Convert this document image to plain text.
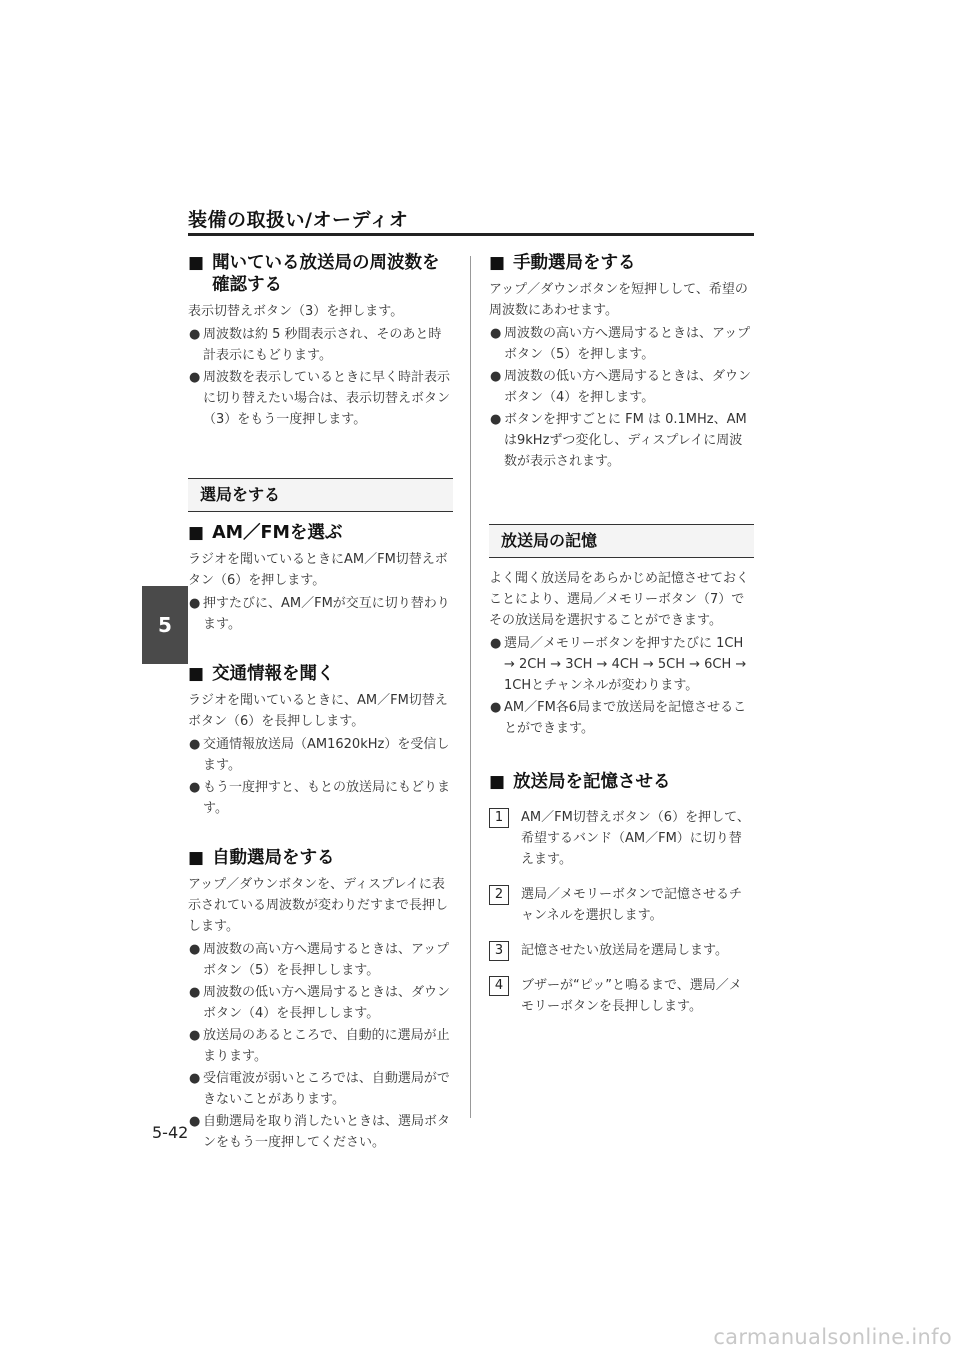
装備の取扱い/オーディオ
5
■ 聞いている放送局の周波数を確認する
表示切替えボタン（3）を押します。
● 周波数は約 5 秒間表示され、そのあと時計表示にもどります。
● 周波数を表示しているときに早く時計表示に切り替えたい場合は、表示切替えボタン（3）をもう一度押します。
選局をする
■ AM／FMを選ぶ
ラジオを聞いているときにAM／FM切替えボタン（6）を押します。
● 押すたびに、AM／FMが交互に切り替わります。
■ 交通情報を聞く
ラジオを聞いているときに、AM／FM切替えボタン（6）を長押しします。
● 交通情報放送局（AM1620kHz）を受信します。
● もう一度押すと、もとの放送局にもどります。
■ 自動選局をする
アップ／ダウンボタンを、ディスプレイに表示されている周波数が変わりだすまで長押しします。
● 周波数の高い方へ選局するときは、アップボタン（5）を長押しします。
● 周波数の低い方へ選局するときは、ダウンボタン（4）を長押しします。
● 放送局のあるところで、自動的に選局が止まります。
● 受信電波が弱いところでは、自動選局ができないことがあります。
● 自動選局を取り消したいときは、選局ボタンをもう一度押してください。
■ 手動選局をする
アップ／ダウンボタンを短押しして、希望の周波数にあわせます。
● 周波数の高い方へ選局するときは、アップボタン（5）を押します。
● 周波数の低い方へ選局するときは、ダウンボタン（4）を押します。
● ボタンを押すごとに FM は 0.1MHz、AMは9kHzずつ変化し、ディスプレイに周波数が表示されます。
放送局の記憶
よく聞く放送局をあらかじめ記憶させておくことにより、選局／メモリーボタン（7）でその放送局を選択することができます。
● 選局／メモリーボタンを押すたびに 1CH → 2CH → 3CH → 4CH → 5CH → 6CH → 1CHとチャンネルが変わります。
● AM／FM各6局まで放送局を記憶させることができます。
■ 放送局を記憶させる
1	AM／FM切替えボタン（6）を押して、希望するバンド（AM／FM）に切り替えます。
2	選局／メモリーボタンで記憶させるチャンネルを選択します。
3	記憶させたい放送局を選局します。
4	ブザーが“ピッ”と鳴るまで、選局／メモリーボタンを長押しします。
5-42
carmanualsonline.info
